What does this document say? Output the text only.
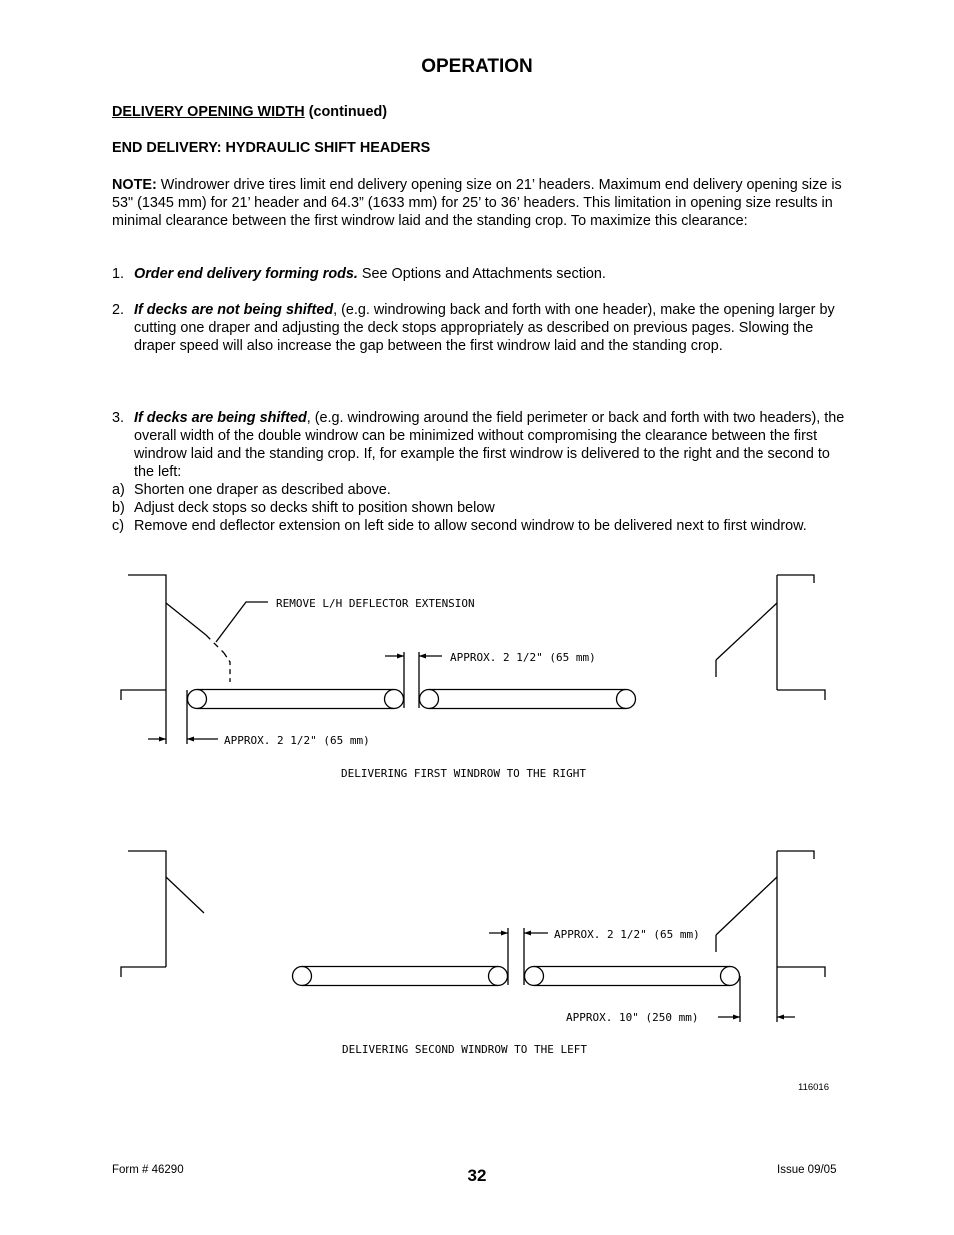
OPERATION
DELIVERY OPENING WIDTH (continued)
END DELIVERY: HYDRAULIC SHIFT HEADERS
NOTE: Windrower drive tires limit end delivery opening size on 21’ headers. Maximum end delivery opening size is 53" (1345 mm) for 21’ header and 64.3” (1633 mm) for 25’ to 36’ headers. This limitation in opening size results in minimal clearance between the first windrow laid and the standing crop. To maximize this clearance:
1. Order end delivery forming rods. See Options and Attachments section.
2. If decks are not being shifted, (e.g. windrowing back and forth with one header), make the opening larger by cutting one draper and adjusting the deck stops appropriately as described on previous pages. Slowing the draper speed will also increase the gap between the first windrow laid and the standing crop.
3. If decks are being shifted, (e.g. windrowing around the field perimeter or back and forth with two headers), the overall width of the double windrow can be minimized without compromising the clearance between the first windrow laid and the standing crop. If, for example the first windrow is delivered to the right and the second to the left:
a) Shorten one draper as described above.
b) Adjust deck stops so decks shift to position shown below
c) Remove end deflector extension on left side to allow second windrow to be delivered next to first windrow.
REMOVE L/H DEFLECTOR EXTENSION
APPROX. 2 1/2" (65 mm)
APPROX. 2 1/2" (65 mm)
DELIVERING FIRST WINDROW TO THE RIGHT
APPROX. 2 1/2" (65 mm)
APPROX. 10" (250 mm)
DELIVERING SECOND WINDROW TO THE LEFT
116016
Form # 46290	32	Issue 09/05
